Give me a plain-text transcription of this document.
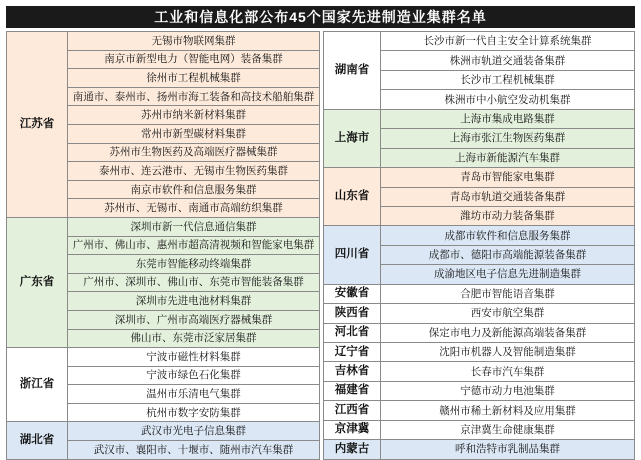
工业和信息化部公布45个国家先进制造业集群名单
江苏省	无锡市物联网集群
	南京市新型电力（智能电网）装备集群
	徐州市工程机械集群
	南通市、泰州市、扬州市海工装备和高技术船舶集群
	苏州市纳米新材料集群
	常州市新型碳材料集群
	苏州市生物医药及高端医疗器械集群
	泰州市、连云港市、无锡市生物医药集群
	南京市软件和信息服务集群
	苏州市、无锡市、南通市高端纺织集群
广东省	深圳市新一代信息通信集群
	广州市、佛山市、惠州市超高清视频和智能家电集群
	东莞市智能移动终端集群
	广州市、深圳市、佛山市、东莞市智能装备集群
	深圳市先进电池材料集群
	深圳市、广州市高端医疗器械集群
	佛山市、东莞市泛家居集群
浙江省	宁波市磁性材料集群
	宁波市绿色石化集群
	温州市乐清电气集群
	杭州市数字安防集群
湖北省	武汉市光电子信息集群
	武汉市、襄阳市、十堰市、随州市汽车集群
湖南省	长沙市新一代自主安全计算系统集群
	株洲市轨道交通装备集群
	长沙市工程机械集群
	株洲市中小航空发动机集群
上海市	上海市集成电路集群
	上海市张江生物医药集群
	上海市新能源汽车集群
山东省	青岛市智能家电集群
	青岛市轨道交通装备集群
	潍坊市动力装备集群
四川省	成都市软件和信息服务集群
	成都市、德阳市高端能源装备集群
	成渝地区电子信息先进制造集群
安徽省	合肥市智能语音集群
陕西省	西安市航空集群
河北省	保定市电力及新能源高端装备集群
辽宁省	沈阳市机器人及智能制造集群
吉林省	长春市汽车集群
福建省	宁德市动力电池集群
江西省	赣州市稀土新材料及应用集群
京津冀	京津冀生命健康集群
内蒙古	呼和浩特市乳制品集群
